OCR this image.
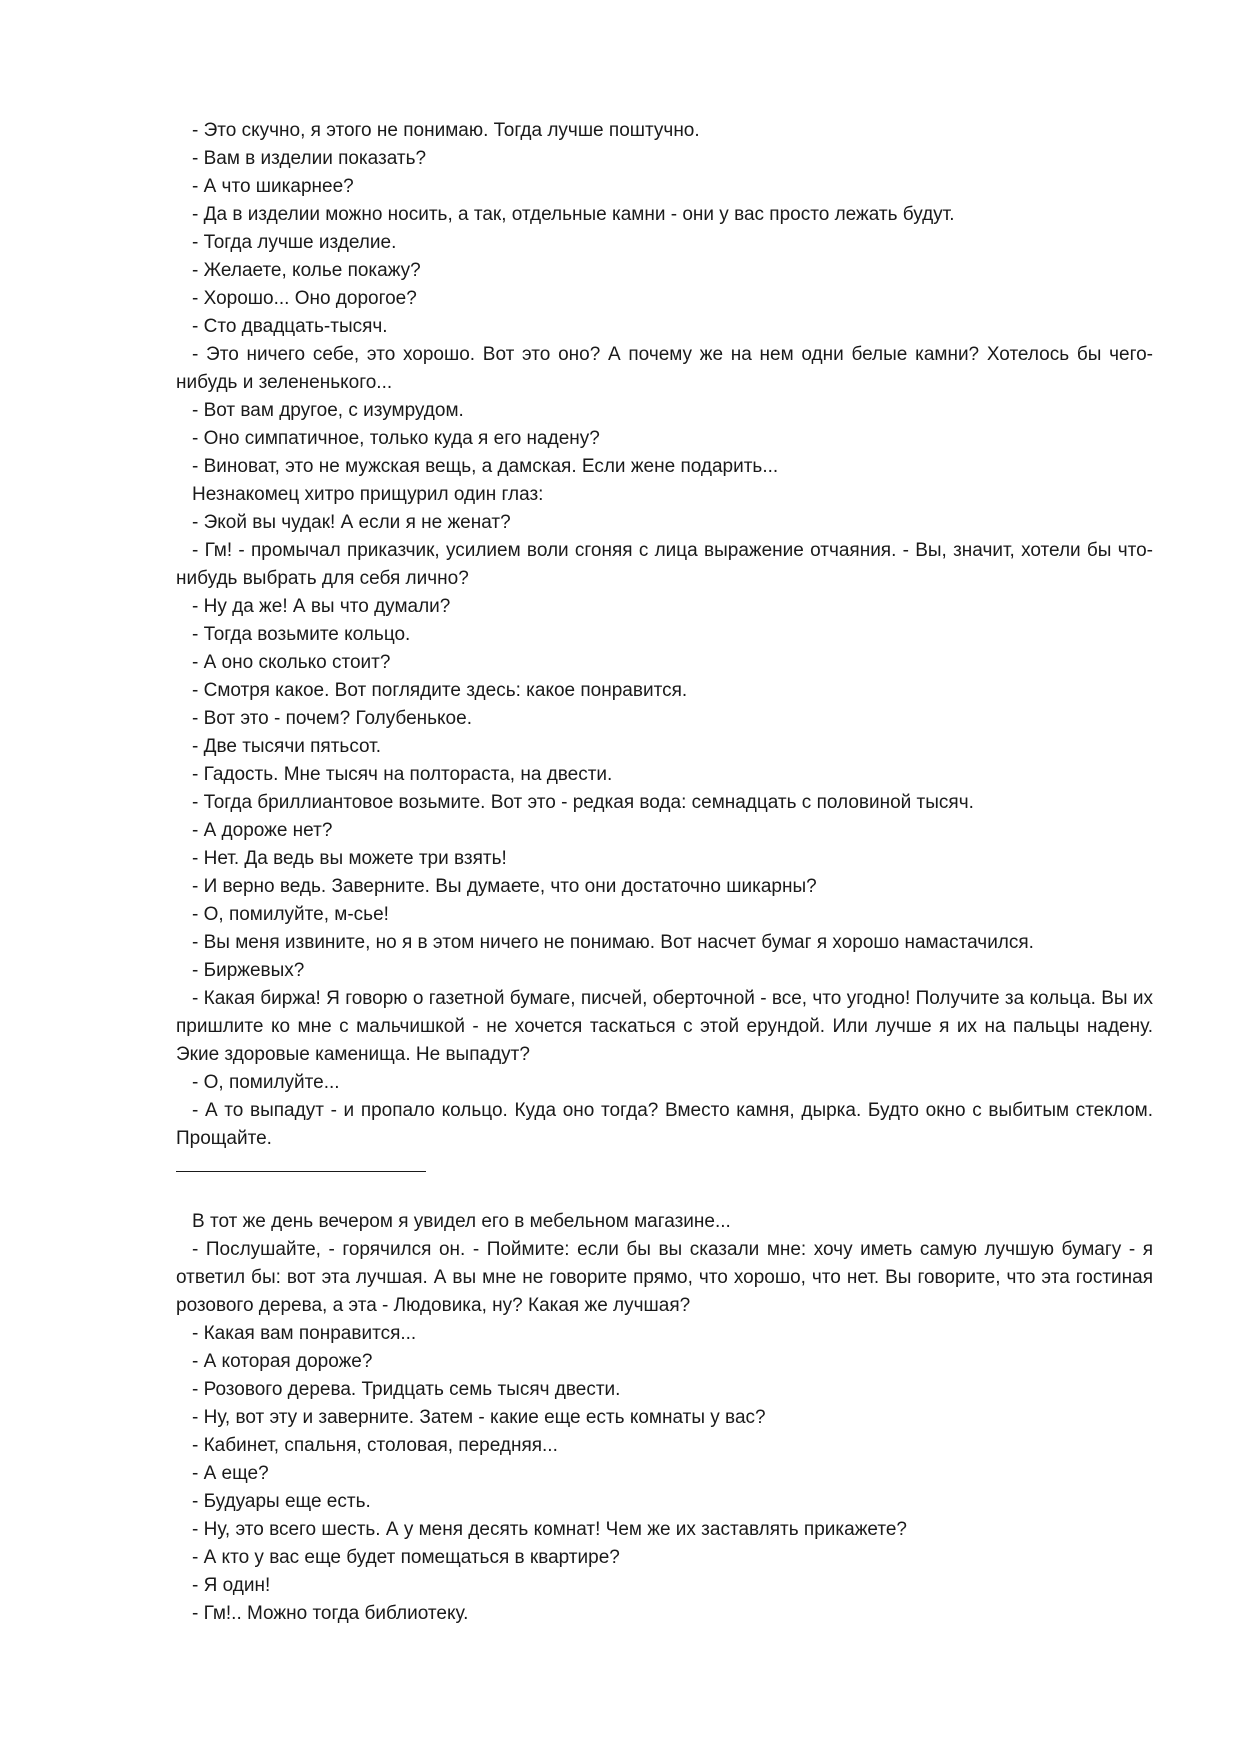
- Это скучно, я этого не понимаю. Тогда лучше поштучно.

- Вам в изделии показать?

- А что шикарнее?

- Да в изделии можно носить, а так, отдельные камни - они у вас просто лежать будут.

- Тогда лучше изделие.

- Желаете, колье покажу?

- Хорошо... Оно дорогое?

- Сто двадцать-тысяч.

- Это ничего себе, это хорошо. Вот это оно? А почему же на нем одни белые камни? Хотелось бы чего-нибудь и зелененького...

- Вот вам другое, с изумрудом.

- Оно симпатичное, только куда я его надену?

- Виноват, это не мужская вещь, а дамская. Если жене подарить...

Незнакомец хитро прищурил один глаз:

- Экой вы чудак! А если я не женат?

- Гм! - промычал приказчик, усилием воли сгоняя с лица выражение отчаяния. - Вы, значит, хотели бы что-нибудь выбрать для себя лично?

- Ну да же! А вы что думали?

- Тогда возьмите кольцо.

- А оно сколько стоит?

- Смотря какое. Вот поглядите здесь: какое понравится.

- Вот это - почем? Голубенькое.

- Две тысячи пятьсот.

- Гадость. Мне тысяч на полтораста, на двести.

- Тогда бриллиантовое возьмите. Вот это - редкая вода: семнадцать с половиной тысяч.

- А дороже нет?

- Нет. Да ведь вы можете три взять!

- И верно ведь. Заверните. Вы думаете, что они достаточно шикарны?

- О, помилуйте, м-сье!

- Вы меня извините, но я в этом ничего не понимаю. Вот насчет бумаг я хорошо намастачился.

- Биржевых?

- Какая биржа! Я говорю о газетной бумаге, писчей, оберточной - все, что угодно! Получите за кольца. Вы их пришлите ко мне с мальчишкой - не хочется таскаться с этой ерундой. Или лучше я их на пальцы надену. Экие здоровые каменища. Не выпадут?

- О, помилуйте...

- А то выпадут - и пропало кольцо. Куда оно тогда? Вместо камня, дырка. Будто окно с выбитым стеклом. Прощайте.

В тот же день вечером я увидел его в мебельном магазине...

- Послушайте, - горячился он. - Поймите: если бы вы сказали мне: хочу иметь самую лучшую бумагу - я ответил бы: вот эта лучшая. А вы мне не говорите прямо, что хорошо, что нет. Вы говорите, что эта гостиная розового дерева, а эта - Людовика, ну? Какая же лучшая?

- Какая вам понравится...

- А которая дороже?

- Розового дерева. Тридцать семь тысяч двести.

- Ну, вот эту и заверните. Затем - какие еще есть комнаты у вас?

- Кабинет, спальня, столовая, передняя...

- А еще?

- Будуары еще есть.

- Ну, это всего шесть. А у меня десять комнат! Чем же их заставлять прикажете?

- А кто у вас еще будет помещаться в квартире?

- Я один!

- Гм!.. Можно тогда библиотеку.
